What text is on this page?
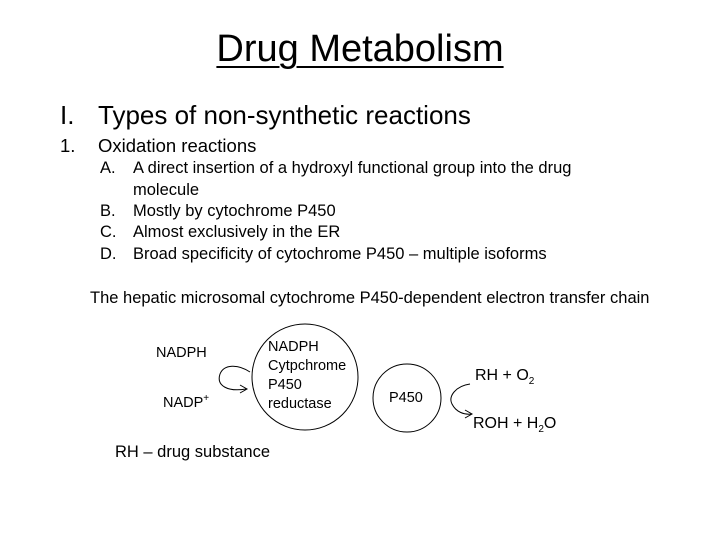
Drug Metabolism
I. Types of non-synthetic reactions
1. Oxidation reactions
A. A direct insertion of a hydroxyl functional group into the drug
molecule
B. Mostly by cytochrome P450
C. Almost exclusively in the ER
D. Broad specificity of cytochrome P450 – multiple isoforms
The hepatic microsomal cytochrome P450-dependent electron transfer chain
NADPH
NADP+
NADPH
Cytpchrome
P450
reductase	P450
RH + $O_2$
ROH + $H_2O$
RH – drug substance
